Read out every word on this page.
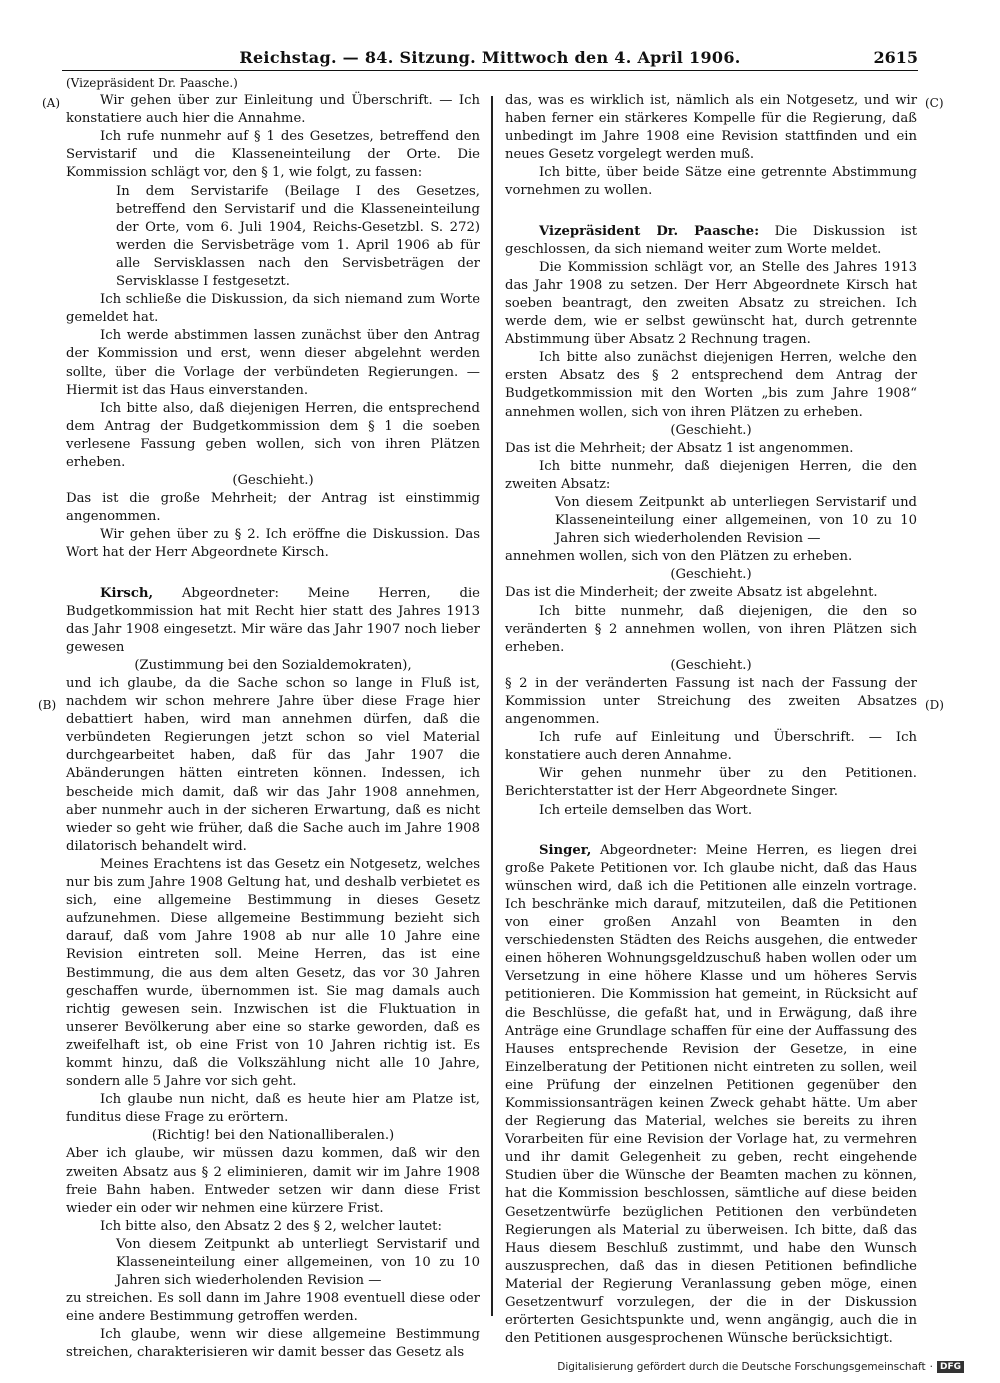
Reichstag. — 84. Sitzung. Mittwoch den 4. April 1906.	2615
(A)
(B)
(C)
(D)

(Vizepräsident Dr. Paasche.)

Wir gehen über zur Einleitung und Überschrift. — Ich konstatiere auch hier die Annahme.

Ich rufe nunmehr auf § 1 des Gesetzes, betreffend den Servistarif und die Klasseneinteilung der Orte. Die Kommission schlägt vor, den § 1, wie folgt, zu fassen:

In dem Servistarife (Beilage I des Gesetzes, betreffend den Servistarif und die Klasseneinteilung der Orte, vom 6. Juli 1904, Reichs-Gesetzbl. S. 272) werden die Servisbeträge vom 1. April 1906 ab für alle Servisklassen nach den Servisbeträgen der Servisklasse I festgesetzt.

Ich schließe die Diskussion, da sich niemand zum Worte gemeldet hat.

Ich werde abstimmen lassen zunächst über den Antrag der Kommission und erst, wenn dieser abgelehnt werden sollte, über die Vorlage der verbündeten Regierungen. — Hiermit ist das Haus einverstanden.

Ich bitte also, daß diejenigen Herren, die entsprechend dem Antrag der Budgetkommission dem § 1 die soeben verlesene Fassung geben wollen, sich von ihren Plätzen erheben.

(Geschieht.)

Das ist die große Mehrheit; der Antrag ist einstimmig angenommen.

Wir gehen über zu § 2. Ich eröffne die Diskussion. Das Wort hat der Herr Abgeordnete Kirsch.

Kirsch, Abgeordneter: Meine Herren, die Budgetkommission hat mit Recht hier statt des Jahres 1913 das Jahr 1908 eingesetzt. Mir wäre das Jahr 1907 noch lieber gewesen

(Zustimmung bei den Sozialdemokraten),

und ich glaube, da die Sache schon so lange in Fluß ist, nachdem wir schon mehrere Jahre über diese Frage hier debattiert haben, wird man annehmen dürfen, daß die verbündeten Regierungen jetzt schon so viel Material durchgearbeitet haben, daß für das Jahr 1907 die Abänderungen hätten eintreten können. Indessen, ich bescheide mich damit, daß wir das Jahr 1908 annehmen, aber nunmehr auch in der sicheren Erwartung, daß es nicht wieder so geht wie früher, daß die Sache auch im Jahre 1908 dilatorisch behandelt wird.

Meines Erachtens ist das Gesetz ein Notgesetz, welches nur bis zum Jahre 1908 Geltung hat, und deshalb verbietet es sich, eine allgemeine Bestimmung in dieses Gesetz aufzunehmen. Diese allgemeine Bestimmung bezieht sich darauf, daß vom Jahre 1908 ab nur alle 10 Jahre eine Revision eintreten soll. Meine Herren, das ist eine Bestimmung, die aus dem alten Gesetz, das vor 30 Jahren geschaffen wurde, übernommen ist. Sie mag damals auch richtig gewesen sein. Inzwischen ist die Fluktuation in unserer Bevölkerung aber eine so starke geworden, daß es zweifelhaft ist, ob eine Frist von 10 Jahren richtig ist. Es kommt hinzu, daß die Volkszählung nicht alle 10 Jahre, sondern alle 5 Jahre vor sich geht.

Ich glaube nun nicht, daß es heute hier am Platze ist, funditus diese Frage zu erörtern.

(Richtig! bei den Nationalliberalen.)

Aber ich glaube, wir müssen dazu kommen, daß wir den zweiten Absatz aus § 2 eliminieren, damit wir im Jahre 1908 freie Bahn haben. Entweder setzen wir dann diese Frist wieder ein oder wir nehmen eine kürzere Frist.

Ich bitte also, den Absatz 2 des § 2, welcher lautet:

Von diesem Zeitpunkt ab unterliegt Servistarif und Klasseneinteilung einer allgemeinen, von 10 zu 10 Jahren sich wiederholenden Revision —

zu streichen. Es soll dann im Jahre 1908 eventuell diese oder eine andere Bestimmung getroffen werden.

Ich glaube, wenn wir diese allgemeine Bestimmung streichen, charakterisieren wir damit besser das Gesetz als

das, was es wirklich ist, nämlich als ein Notgesetz, und wir haben ferner ein stärkeres Kompelle für die Regierung, daß unbedingt im Jahre 1908 eine Revision stattfinden und ein neues Gesetz vorgelegt werden muß.

Ich bitte, über beide Sätze eine getrennte Abstimmung vornehmen zu wollen.

Vizepräsident Dr. Paasche: Die Diskussion ist geschlossen, da sich niemand weiter zum Worte meldet.

Die Kommission schlägt vor, an Stelle des Jahres 1913 das Jahr 1908 zu setzen. Der Herr Abgeordnete Kirsch hat soeben beantragt, den zweiten Absatz zu streichen. Ich werde dem, wie er selbst gewünscht hat, durch getrennte Abstimmung über Absatz 2 Rechnung tragen.

Ich bitte also zunächst diejenigen Herren, welche den ersten Absatz des § 2 entsprechend dem Antrag der Budgetkommission mit den Worten „bis zum Jahre 1908“ annehmen wollen, sich von ihren Plätzen zu erheben.

(Geschieht.)

Das ist die Mehrheit; der Absatz 1 ist angenommen.

Ich bitte nunmehr, daß diejenigen Herren, die den zweiten Absatz:

Von diesem Zeitpunkt ab unterliegen Servistarif und Klasseneinteilung einer allgemeinen, von 10 zu 10 Jahren sich wiederholenden Revision —

annehmen wollen, sich von den Plätzen zu erheben.

(Geschieht.)

Das ist die Minderheit; der zweite Absatz ist abgelehnt.

Ich bitte nunmehr, daß diejenigen, die den so veränderten § 2 annehmen wollen, von ihren Plätzen sich erheben.

(Geschieht.)

§ 2 in der veränderten Fassung ist nach der Fassung der Kommission unter Streichung des zweiten Absatzes angenommen.

Ich rufe auf Einleitung und Überschrift. — Ich konstatiere auch deren Annahme.

Wir gehen nunmehr über zu den Petitionen. Berichterstatter ist der Herr Abgeordnete Singer.

Ich erteile demselben das Wort.

Singer, Abgeordneter: Meine Herren, es liegen drei große Pakete Petitionen vor. Ich glaube nicht, daß das Haus wünschen wird, daß ich die Petitionen alle einzeln vortrage. Ich beschränke mich darauf, mitzuteilen, daß die Petitionen von einer großen Anzahl von Beamten in den verschiedensten Städten des Reichs ausgehen, die entweder einen höheren Wohnungsgeldzuschuß haben wollen oder um Versetzung in eine höhere Klasse und um höheres Servis petitionieren. Die Kommission hat gemeint, in Rücksicht auf die Beschlüsse, die gefaßt hat, und in Erwägung, daß ihre Anträge eine Grundlage schaffen für eine der Auffassung des Hauses entsprechende Revision der Gesetze, in eine Einzelberatung der Petitionen nicht eintreten zu sollen, weil eine Prüfung der einzelnen Petitionen gegenüber den Kommissionsanträgen keinen Zweck gehabt hätte. Um aber der Regierung das Material, welches sie bereits zu ihren Vorarbeiten für eine Revision der Vorlage hat, zu vermehren und ihr damit Gelegenheit zu geben, recht eingehende Studien über die Wünsche der Beamten machen zu können, hat die Kommission beschlossen, sämtliche auf diese beiden Gesetzentwürfe bezüglichen Petitionen den verbündeten Regierungen als Material zu überweisen. Ich bitte, daß das Haus diesem Beschluß zustimmt, und habe den Wunsch auszusprechen, daß das in diesen Petitionen befindliche Material der Regierung Veranlassung geben möge, einen Gesetzentwurf vorzulegen, der die in der Diskussion erörterten Gesichtspunkte und, wenn angängig, auch die in den Petitionen ausgesprochenen Wünsche berücksichtigt.

Digitalisierung gefördert durch die Deutsche Forschungsgemeinschaft · DFG
